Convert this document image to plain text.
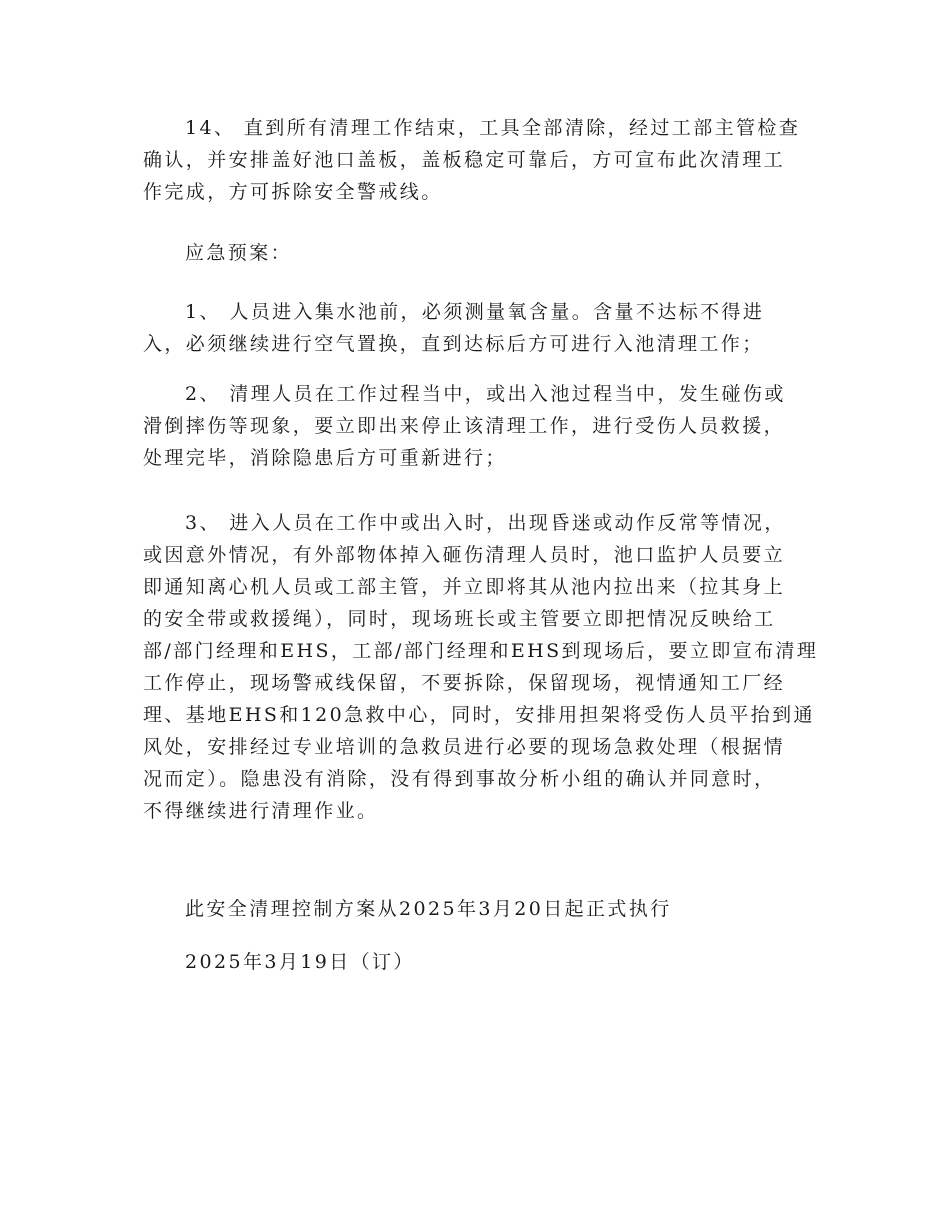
14、 直到所有清理工作结束，工具全部清除，经过工部主管检查
确认，并安排盖好池口盖板，盖板稳定可靠后，方可宣布此次清理工
作完成，方可拆除安全警戒线。

应急预案：

1、 人员进入集水池前，必须测量氧含量。含量不达标不得进
入，必须继续进行空气置换，直到达标后方可进行入池清理工作；

2、 清理人员在工作过程当中，或出入池过程当中，发生碰伤或
滑倒摔伤等现象，要立即出来停止该清理工作，进行受伤人员救援，
处理完毕，消除隐患后方可重新进行；

3、 进入人员在工作中或出入时，出现昏迷或动作反常等情况，
或因意外情况，有外部物体掉入砸伤清理人员时，池口监护人员要立
即通知离心机人员或工部主管，并立即将其从池内拉出来（拉其身上
的安全带或救援绳），同时，现场班长或主管要立即把情况反映给工
部/部门经理和EHS，工部/部门经理和EHS到现场后，要立即宣布清理
工作停止，现场警戒线保留，不要拆除，保留现场，视情通知工厂经
理、基地EHS和120急救中心，同时，安排用担架将受伤人员平抬到通
风处，安排经过专业培训的急救员进行必要的现场急救处理（根据情
况而定）。隐患没有消除，没有得到事故分析小组的确认并同意时，
不得继续进行清理作业。

此安全清理控制方案从2025年3月20日起正式执行

2025年3月19日（订）
